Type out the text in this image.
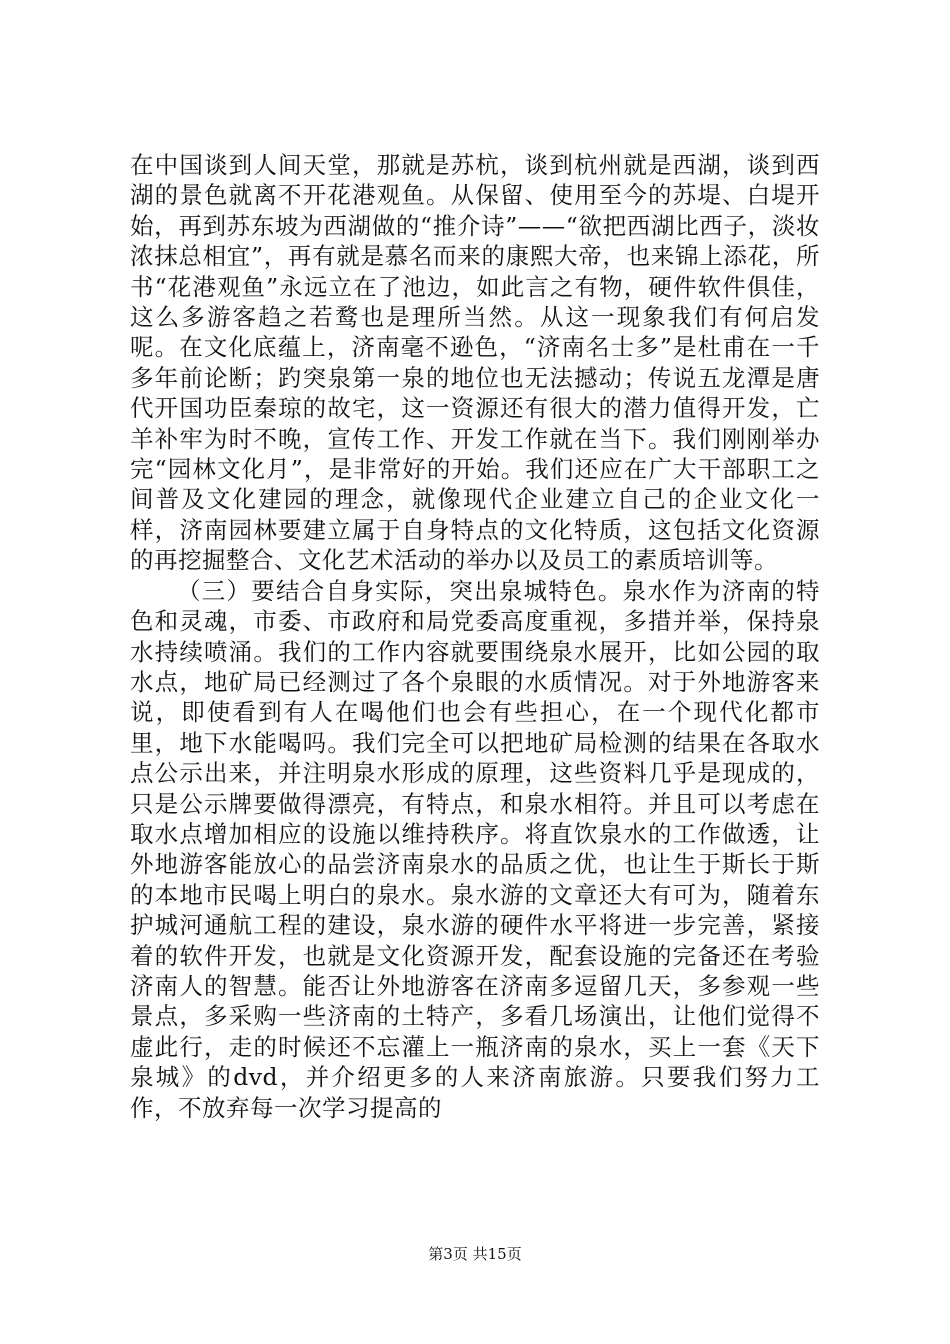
在中国谈到人间天堂，那就是苏杭，谈到杭州就是西湖，谈到西湖的景色就离不开花港观鱼。从保留、使用至今的苏堤、白堤开始，再到苏东坡为西湖做的“推介诗”——“欲把西湖比西子，淡妆浓抹总相宜”，再有就是慕名而来的康熙大帝，也来锦上添花，所书“花港观鱼”永远立在了池边，如此言之有物，硬件软件俱佳，这么多游客趋之若鹜也是理所当然。从这一现象我们有何启发呢。在文化底蕴上，济南毫不逊色，“济南名士多”是杜甫在一千多年前论断；趵突泉第一泉的地位也无法撼动；传说五龙潭是唐代开国功臣秦琼的故宅，这一资源还有很大的潜力值得开发，亡羊补牢为时不晚，宣传工作、开发工作就在当下。我们刚刚举办完“园林文化月”，是非常好的开始。我们还应在广大干部职工之间普及文化建园的理念，就像现代企业建立自己的企业文化一样，济南园林要建立属于自身特点的文化特质，这包括文化资源的再挖掘整合、文化艺术活动的举办以及员工的素质培训等。

（三）要结合自身实际，突出泉城特色。泉水作为济南的特色和灵魂，市委、市政府和局党委高度重视，多措并举，保持泉水持续喷涌。我们的工作内容就要围绕泉水展开，比如公园的取水点，地矿局已经测过了各个泉眼的水质情况。对于外地游客来说，即使看到有人在喝他们也会有些担心，在一个现代化都市里，地下水能喝吗。我们完全可以把地矿局检测的结果在各取水点公示出来，并注明泉水形成的原理，这些资料几乎是现成的，只是公示牌要做得漂亮，有特点，和泉水相符。并且可以考虑在取水点增加相应的设施以维持秩序。将直饮泉水的工作做透，让外地游客能放心的品尝济南泉水的品质之优，也让生于斯长于斯的本地市民喝上明白的泉水。泉水游的文章还大有可为，随着东护城河通航工程的建设，泉水游的硬件水平将进一步完善，紧接着的软件开发，也就是文化资源开发，配套设施的完备还在考验济南人的智慧。能否让外地游客在济南多逗留几天，多参观一些景点，多采购一些济南的土特产，多看几场演出，让他们觉得不虚此行，走的时候还不忘灌上一瓶济南的泉水，买上一套《天下泉城》的dvd，并介绍更多的人来济南旅游。只要我们努力工作，不放弃每一次学习提高的

第3页 共15页
